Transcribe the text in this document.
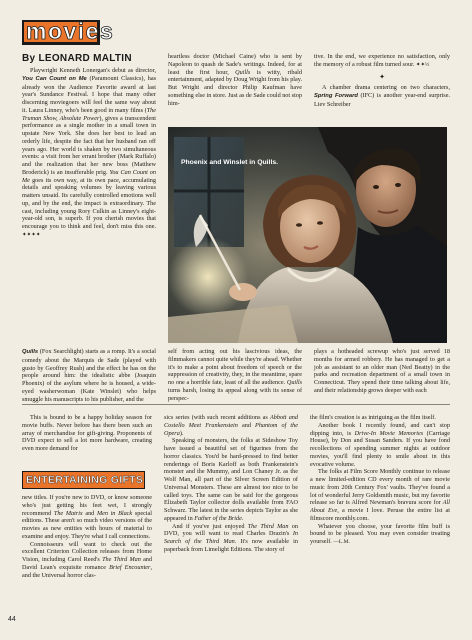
movies
By LEONARD MALTIN

Playwright Kenneth Lonergan's debut as director, You Can Count on Me (Paramount Classics), has already won the Audience Favorite award at last year's Sundance Festival. I hope that many other discerning moviegoers will feel the same way about it. Laura Linney, who's been good in many films (The Truman Show, Absolute Power), gives a transcendent performance as a single mother in a small town in upstate New York. She does her best to lead an orderly life, despite the fact that her husband ran off years ago. Her world is shaken by two simultaneous events: a visit from her errant brother (Mark Ruffalo) and the realization that her new boss (Matthew Broderick) is an insufferable prig. You Can Count on Me goes its own way, at its own pace, accumulating details and speaking volumes by leaving various matters unsaid. Its carefully controlled emotions well up, and by the end, the impact is extraordinary. The cast, including young Rory Culkin as Linney's eight-year-old son, is superb. If you cherish movies that encourage you to think and feel, don't miss this one. ✦✦✦✦

Quills (Fox Searchlight) starts as a romp. It's a social comedy about the Marquis de Sade (played with gusto by Geoffrey Rush) and the effect he has on the people around him: the idealistic abbe (Joaquin Phoenix) of the asylum where he is housed, a wide-eyed washerwoman (Kate Winslet) who helps smuggle his manuscripts to his publisher, and the

heartless doctor (Michael Caine) who is sent by Napoleon to quash de Sade's writings. Indeed, for at least the first hour, Quills is witty, ribald entertainment, adapted by Doug Wright from his play. But Wright and director Philip Kaufman have something else in store. Just as de Sade could not stop him-

tive. In the end, we experience no satisfaction, only the memory of a robust film turned sour. ✦✦½

✦

A chamber drama centering on two characters, Spring Forward (IFC) is another year-end surprise. Liev Schreiber

Phoenix and Winslet in Quills.

self from acting out his lascivious ideas, the filmmakers cannot quite while they're ahead. Whether it's to make a point about freedom of speech or the suppression of creativity, they, in the meantime, spare no one a horrible fate, least of all the audience. Quills turns harsh, losing its appeal along with its sense of perspec-

plays a hotheaded screwup who's just served 18 months for armed robbery. He has managed to get a job as assistant to an older man (Ned Beatty) in the parks and recreation department of a small town in Connecticut. They spend their time talking about life, and their relationship grows deeper with each

This is bound to be a happy holiday season for movie buffs. Never before has there been such an array of merchandise for gift-giving. Proponents of DVD expect to sell a lot more hardware, creating even more demand for

ENTERTAINING GIFTS

new titles. If you're new to DVD, or know someone who's just getting his feet wet, I strongly recommend The Matrix and Men in Black special editions. These aren't so much video versions of the movies as new entities with hours of material to examine and enjoy. They're what I call connections.

Connoisseurs will want to check out the excellent Criterion Collection releases from Home Vision, including Carol Reed's The Third Man and David Lean's exquisite romance Brief Encounter, and the Universal horror clas-

sics series (with such recent additions as Abbott and Costello Meet Frankenstein and Phantom of the Opera).

Speaking of monsters, the folks at Sideshow Toy have issued a beautiful set of figurines from the horror classics. You'd be hard-pressed to find better renderings of Boris Karloff as both Frankenstein's monster and the Mummy, and Lon Chaney Jr. as the Wolf Man, all part of the Silver Screen Edition of Universal Monsters. These are almost too nice to be called toys. The same can be said for the gorgeous Elizabeth Taylor collector dolls available from FAO Schwarz. The latest in the series depicts Taylor as she appeared in Father of the Bride.

And if you've just enjoyed The Third Man on DVD, you will want to read Charles Drazin's In Search of the Third Man. It's now available in paperback from Limelight Editions. The story of

the film's creation is as intriguing as the film itself.

Another book I recently found, and can't stop dipping into, is Drive-In Movie Memories (Carriage House), by Don and Susan Sanders. If you have fond recollections of spending summer nights at outdoor movies, you'll find plenty to smile about in this evocative volume.

The folks at Film Score Monthly continue to release a new limited-edition CD every month of rare movie music from 20th Century Fox' vaults. They've found a lot of wonderful Jerry Goldsmith music, but my favorite release so far is Alfred Newman's bravura score for All About Eve, a movie I love. Peruse the entire list at filmscore monthly.com.

Whatever you choose, your favorite film buff is bound to be pleased. You may even consider treating yourself. —L.M.

44
